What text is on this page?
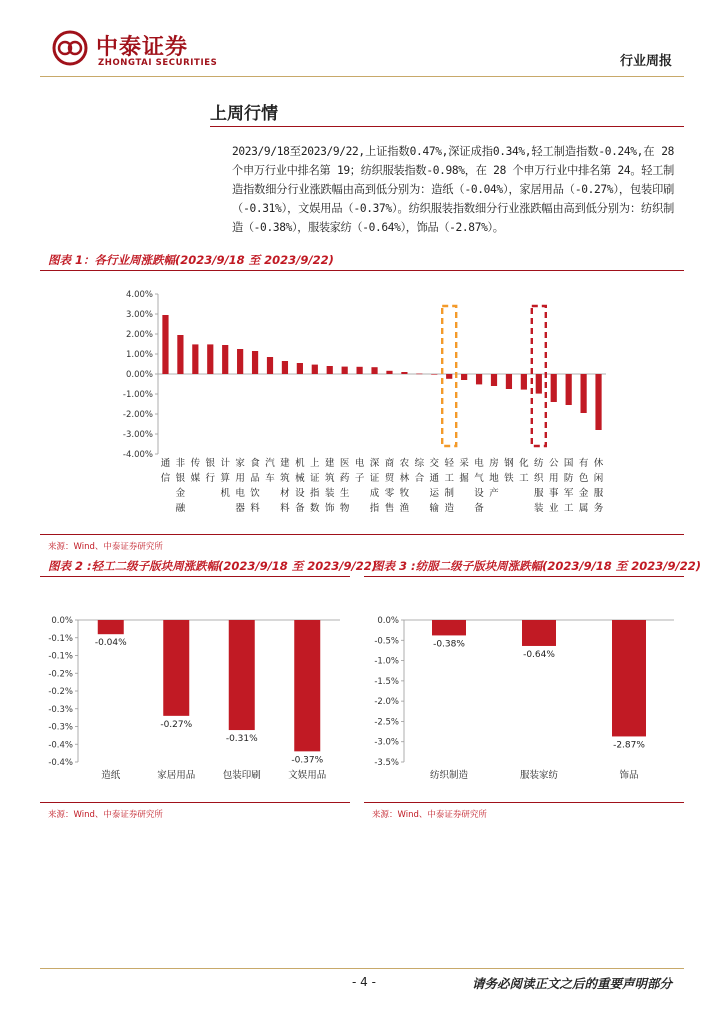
中泰证券
ZHONGTAI SECURITIES	行业周报
上周行情
2023/9/18至2023/9/22,上证指数0.47%,深证成指0.34%,轻工制造指数-0.24%,在 28 个申万行业中排名第 19；纺织服装指数-0.98%，在 28 个申万行业中排名第 24。轻工制造指数细分行业涨跌幅由高到低分别为：造纸（-0.04%），家居用品（-0.27%），包装印刷（-0.31%），文娱用品（-0.37%）。纺织服装指数细分行业涨跌幅由高到低分别为：纺织制造（-0.38%），服装家纺（-0.64%），饰品（-2.87%）。
图表 1：各行业周涨跌幅(2023/9/18 至 2023/9/22)
4.00%
3.00%
2.00%
1.00%
0.00%
-1.00%
-2.00%
-3.00%
-4.00%
通信
非银金融
传媒
银行
计算机
家用电器
食品饮料
汽车
建筑材料
机械设备
上证指数
建筑装饰
医药生物
电子
深证成指
商贸零售
农林牧渔
综合
交通运输
轻工制造
采掘
电气设备
房地产
钢铁
化工
纺织服装
公用事业
国防军工
有色金属
休闲服务
来源：Wind、中泰证券研究所
图表 2 :轻工二级子版块周涨跌幅(2023/9/18 至 2023/9/22)
0.0%
-0.1%
-0.1%
-0.2%
-0.2%
-0.3%
-0.3%
-0.4%
-0.4%
-0.04%
造纸
-0.27%
家居用品
-0.31%
包装印刷
-0.37%
文娱用品
来源：Wind、中泰证券研究所
图表 3 :纺服二级子版块周涨跌幅(2023/9/18 至 2023/9/22)
0.0%
-0.5%
-1.0%
-1.5%
-2.0%
-2.5%
-3.0%
-3.5%
-0.38%
纺织制造
-0.64%
服装家纺
-2.87%
饰品
来源：Wind、中泰证券研究所
- 4 -	请务必阅读正文之后的重要声明部分
